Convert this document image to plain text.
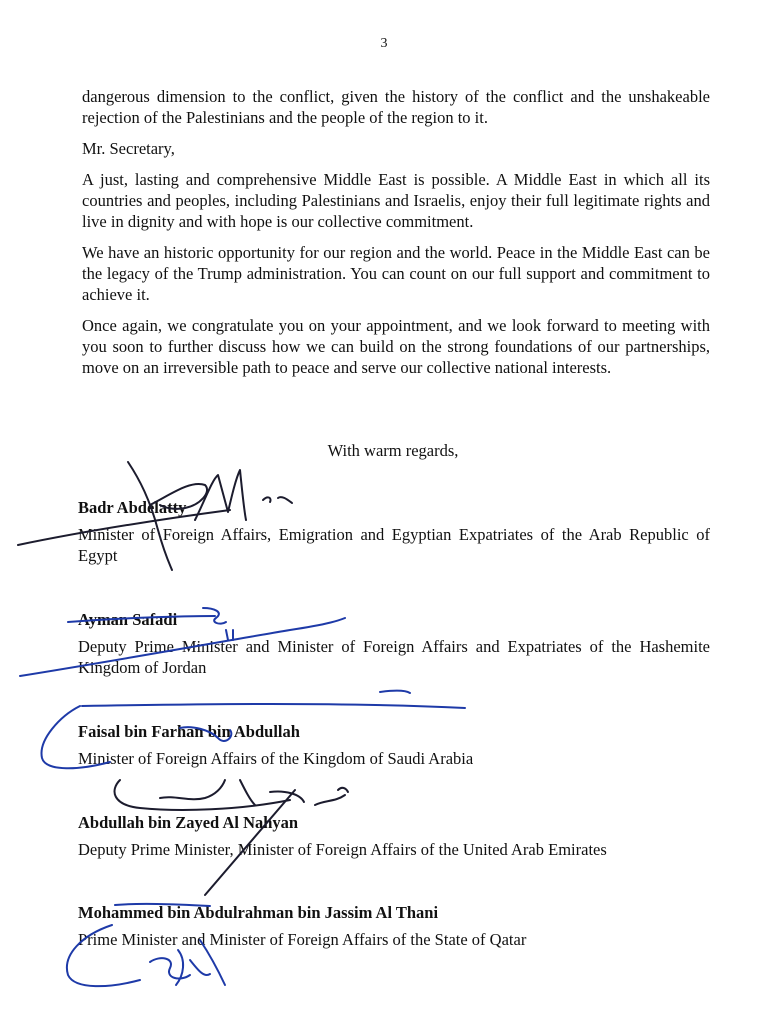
3

dangerous dimension to the conflict, given the history of the conflict and the unshakeable rejection of the Palestinians and the people of the region to it.

Mr. Secretary,

A just, lasting and comprehensive Middle East is possible. A Middle East in which all its countries and peoples, including Palestinians and Israelis, enjoy their full legitimate rights and live in dignity and with hope is our collective commitment.

We have an historic opportunity for our region and the world. Peace in the Middle East can be the legacy of the Trump administration. You can count on our full support and commitment to achieve it.

Once again, we congratulate you on your appointment, and we look forward to meeting with you soon to further discuss how we can build on the strong foundations of our partnerships, move on an irreversible path to peace and serve our collective national interests.

With warm regards,

Badr Abdelatty

Minister of Foreign Affairs, Emigration and Egyptian Expatriates of the Arab Republic of Egypt

Ayman Safadi

Deputy Prime Minister and Minister of Foreign Affairs and Expatriates of the Hashemite Kingdom of Jordan

Faisal bin Farhan bin Abdullah

Minister of Foreign Affairs of the Kingdom of Saudi Arabia

Abdullah bin Zayed Al Nahyan

Deputy Prime Minister, Minister of Foreign Affairs of the United Arab Emirates

Mohammed bin Abdulrahman bin Jassim Al Thani

Prime Minister and Minister of Foreign Affairs of the State of Qatar
